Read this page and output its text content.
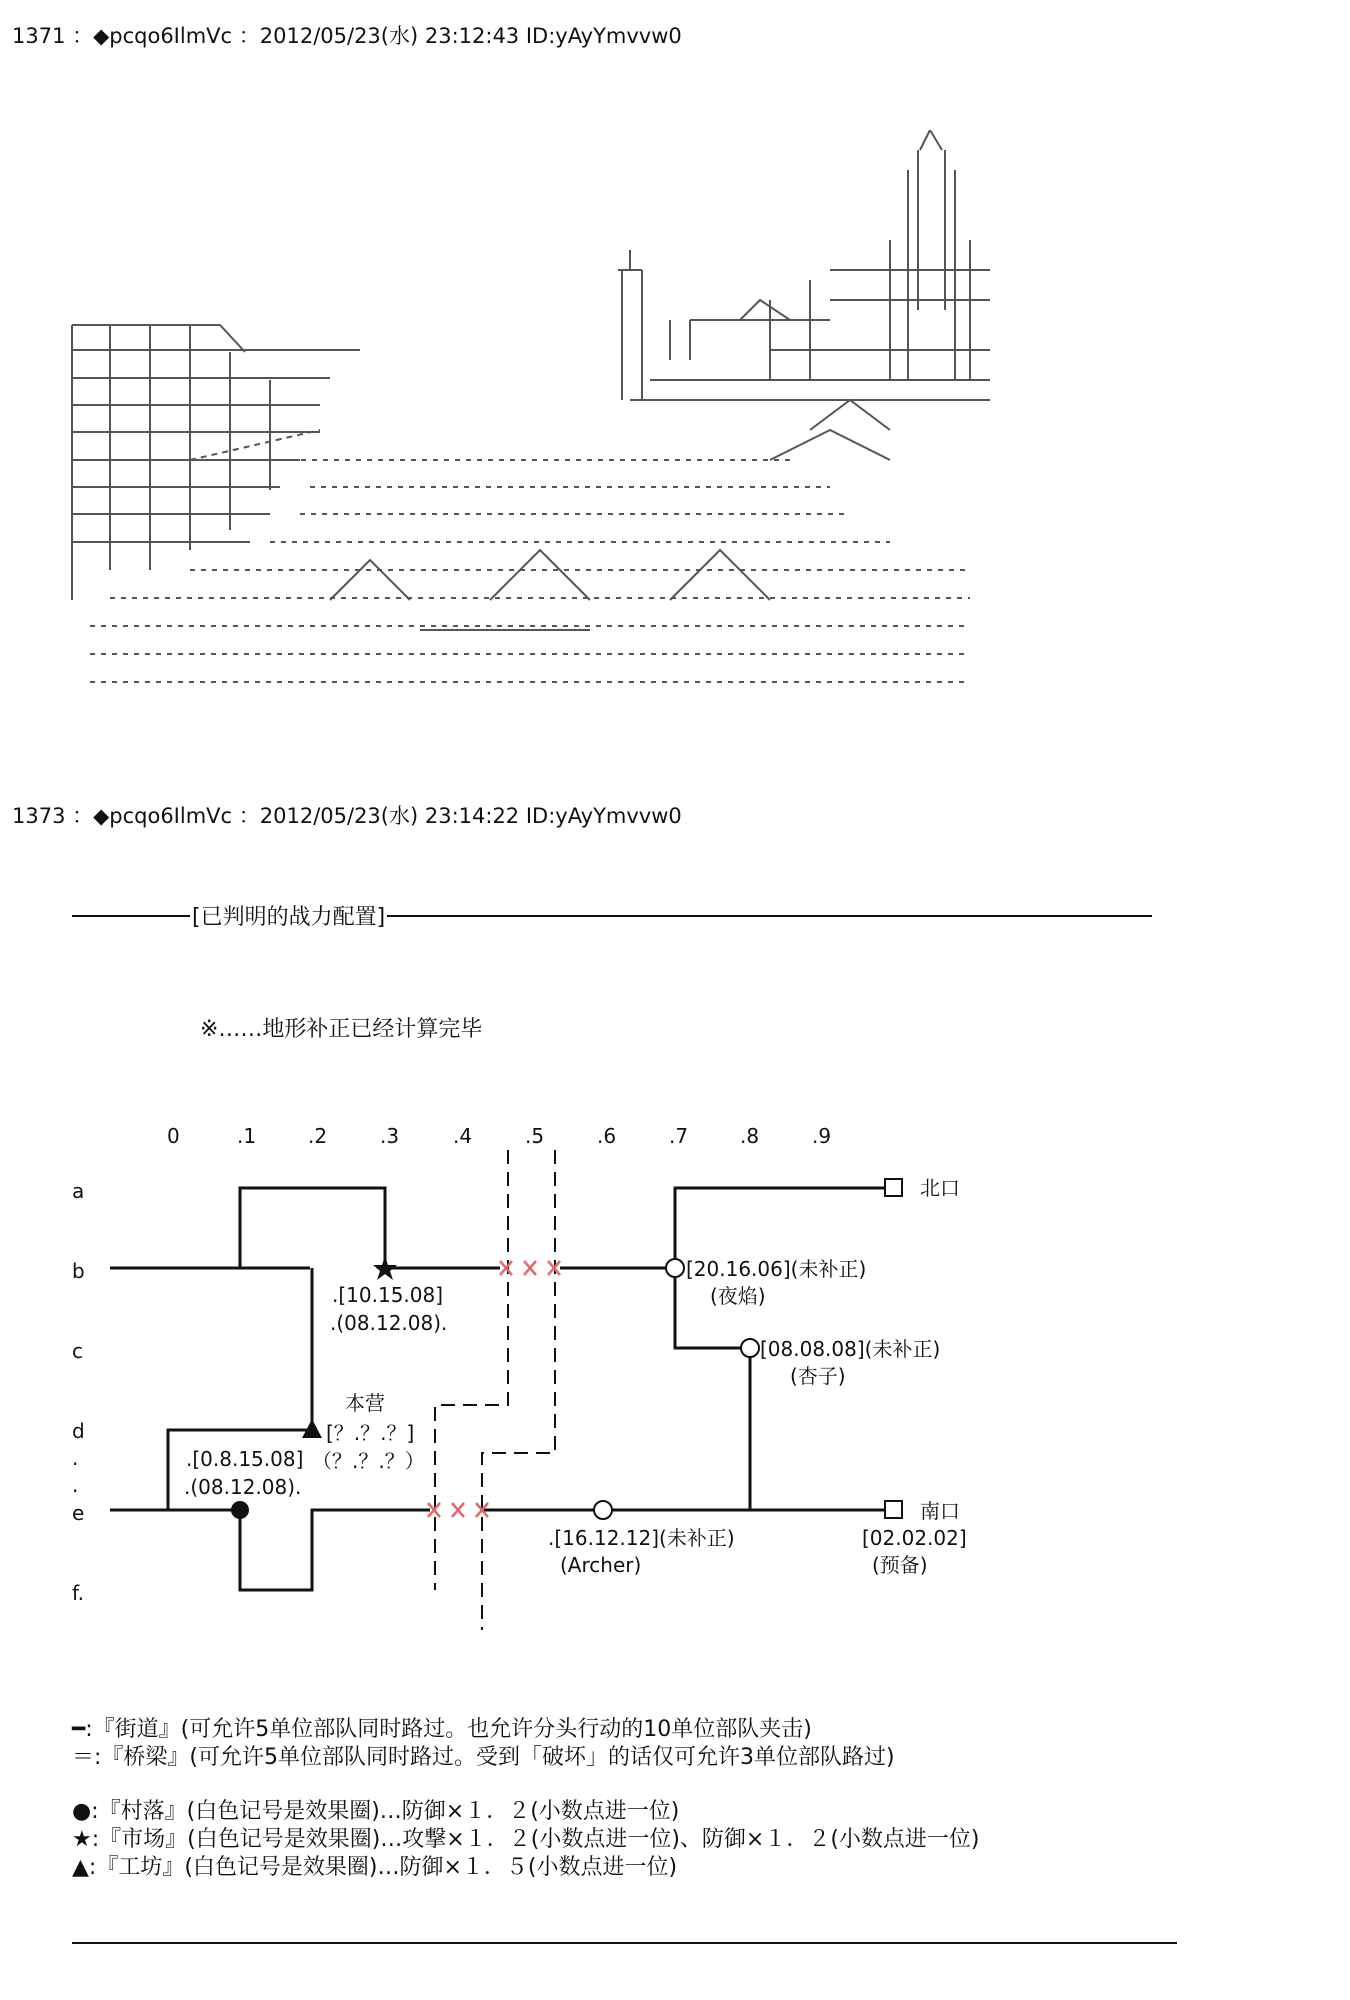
1371 ：◆pcqo6IlmVc ：2012/05/23(水) 23:12:43 ID:yAyYmvvw0
1373 ：◆pcqo6IlmVc ：2012/05/23(水) 23:14:22 ID:yAyYmvvw0
[已判明的战力配置]
※……地形补正已经计算完毕
0	.1	.2	.3	.4	.5	.6	.7	.8	.9
a
b
c
d
.
.
e
f.
北口
南口
本营
.[10.15.08]
.(08.12.08).
[？.？.？]
（？.？.？）
.[0.8.15.08]
.(08.12.08).
[20.16.06](未补正)
(夜焰)
[08.08.08](未补正)
(杏子)
.[16.12.12](未补正)
(Archer)
[02.02.02]
(预备)
━:『街道』(可允许5单位部队同时路过。也允许分头行动的10单位部队夹击)
＝:『桥梁』(可允许5单位部队同时路过。受到「破坏」的话仅可允许3单位部队路过)
●:『村落』(白色记号是效果圈)…防御×１．２(小数点进一位)
★:『市场』(白色记号是效果圈)…攻撃×１．２(小数点进一位)、防御×１．２(小数点进一位)
▲:『工坊』(白色记号是效果圈)…防御×１．５(小数点进一位)
